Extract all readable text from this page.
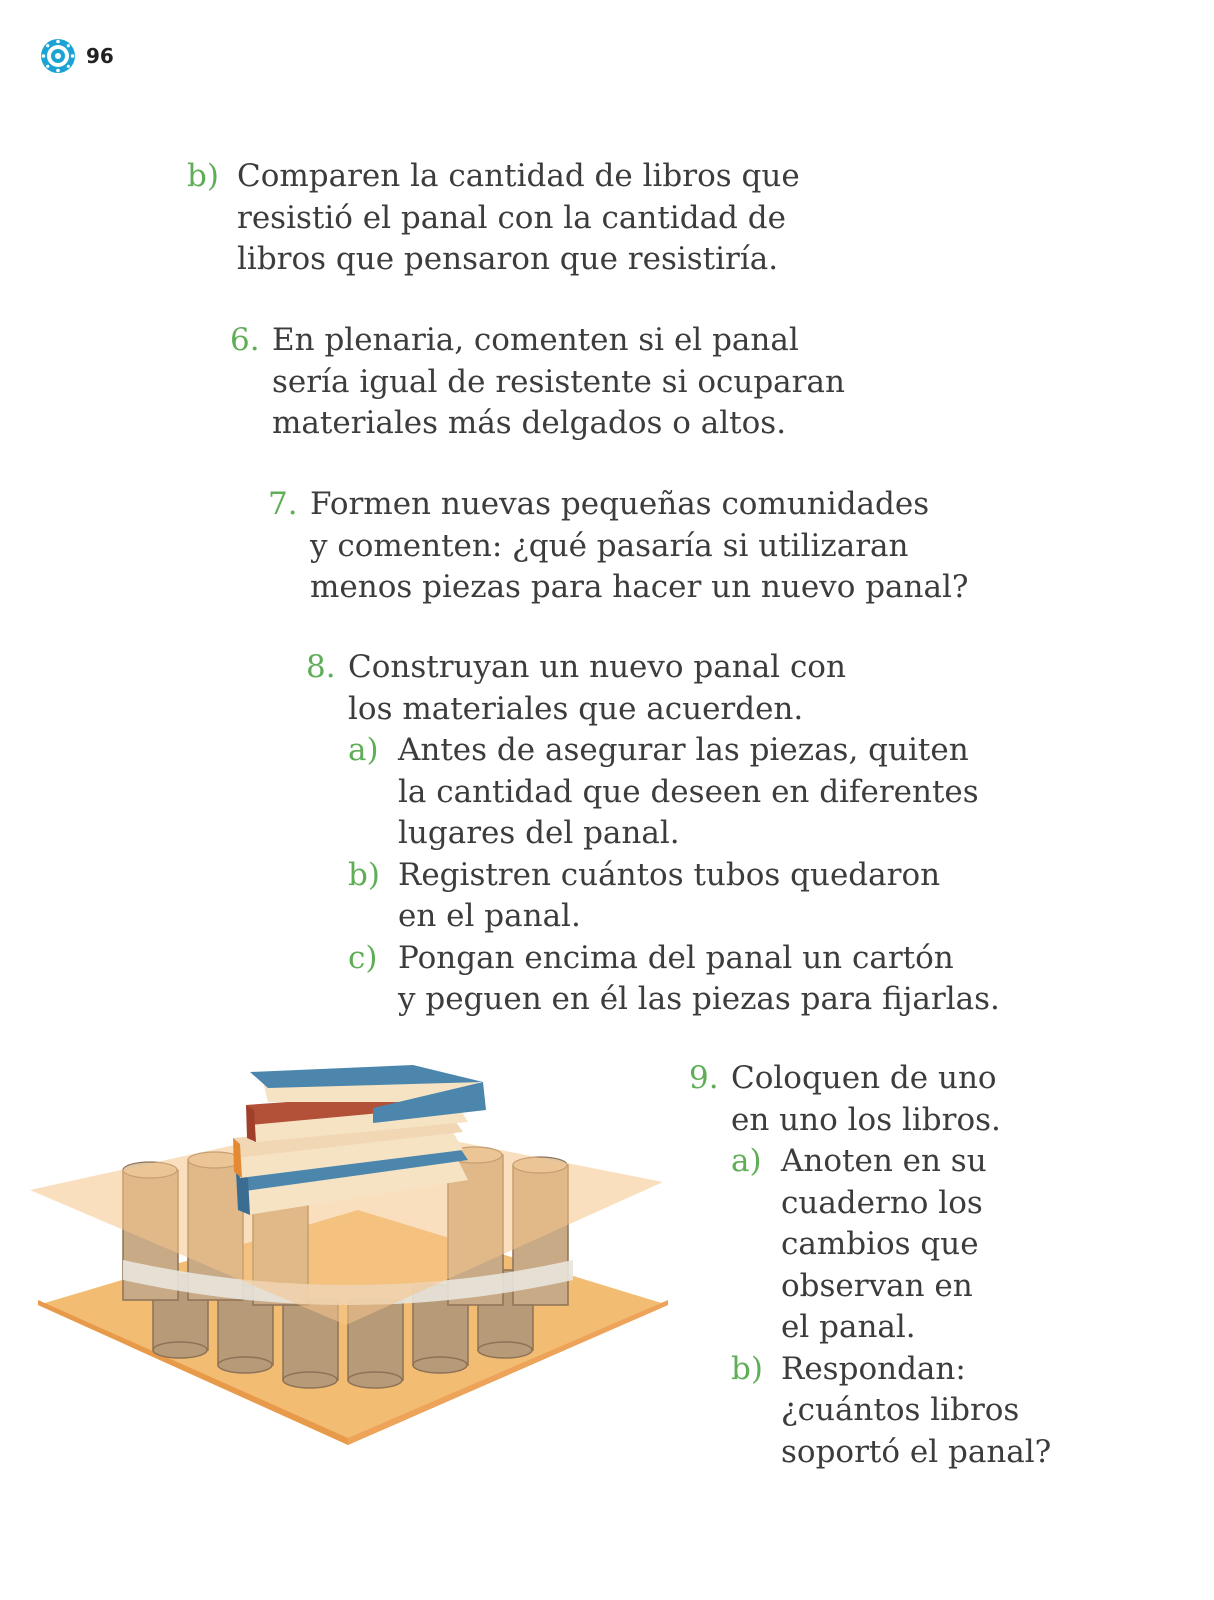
96
b) Comparen la cantidad de libros que
resistió el panal con la cantidad de
libros que pensaron que resistiría.
6. En plenaria, comenten si el panal
sería igual de resistente si ocuparan
materiales más delgados o altos.
7. Formen nuevas pequeñas comunidades
y comenten: ¿qué pasaría si utilizaran
menos piezas para hacer un nuevo panal?
8. Construyan un nuevo panal con
los materiales que acuerden.
a) Antes de asegurar las piezas, quiten
la cantidad que deseen en diferentes
lugares del panal.
b) Registren cuántos tubos quedaron
en el panal.
c) Pongan encima del panal un cartón
y peguen en él las piezas para fijarlas.
9. Coloquen de uno
en uno los libros.
a) Anoten en su
cuaderno los
cambios que
observan en
el panal.
b) Respondan:
¿cuántos libros
soportó el panal?
